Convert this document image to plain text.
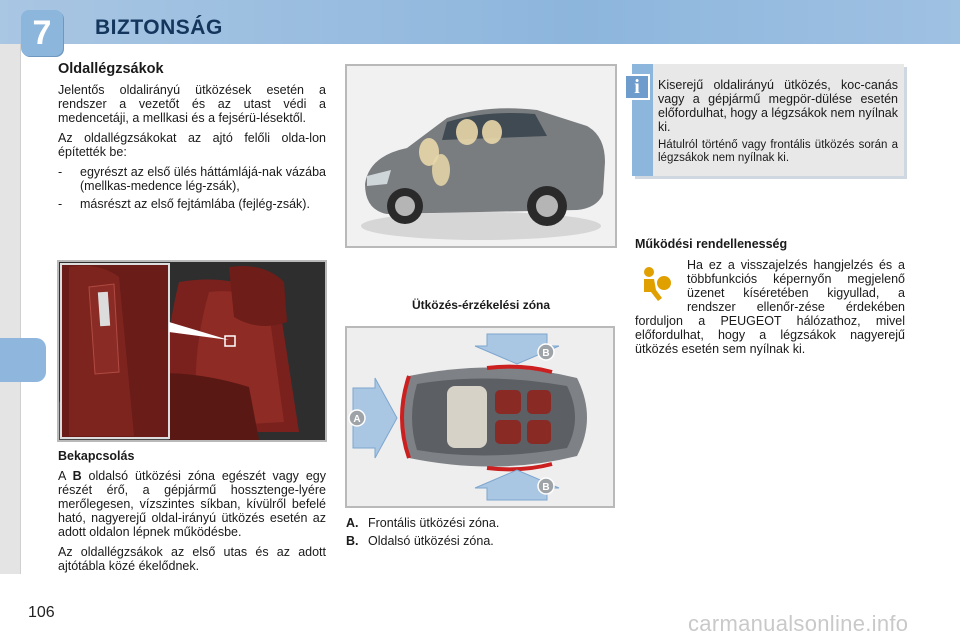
7	BIZTONSÁG
Oldallégzsákok

Jelentős oldalirányú ütközések esetén a rendszer a vezetőt és az utast védi a medencetáji, a mellkasi és a fejsérü-lésektől.

Az oldallégzsákokat az ajtó felőli olda-lon építették be:

-	egyrészt az első ülés háttámlájá-nak vázába (mellkas-medence lég-zsák),
-	másrészt az első fejtámlába (fejlég-zsák).
Bekapcsolás

A B oldalsó ütközési zóna egészét vagy egy részét érő, a gépjármű hossztenge-lyére merőlegesen, vízszintes síkban, kívülről befelé ható, nagyerejű oldal-irányú ütközés esetén az adott oldalon lépnek működésbe.

Az oldallégzsákok az első utas és az adott ajtótábla közé ékelődnek.

Ütközés-érzékelési zóna
B
B
A
A. Frontális ütközési zóna.
B. Oldalsó ütközési zóna.
i	Kiserejű oldalirányú ütközés, koc-canás vagy a gépjármű megpör-dülése esetén előfordulhat, hogy a légzsákok nem nyílnak ki.

Hátulról történő vagy frontális ütközés során a légzsákok nem nyílnak ki.

Működési rendellenesség

Ha ez a visszajelzés hangjelzés és a többfunkciós képernyőn megjelenő üzenet kíséretében kigyullad, a rendszer ellenőr-zése érdekében forduljon a PEUGEOT hálózathoz, mivel előfordulhat, hogy a légzsákok nagyerejű ütközés esetén sem nyílnak ki.

106	carmanualsonline.info
